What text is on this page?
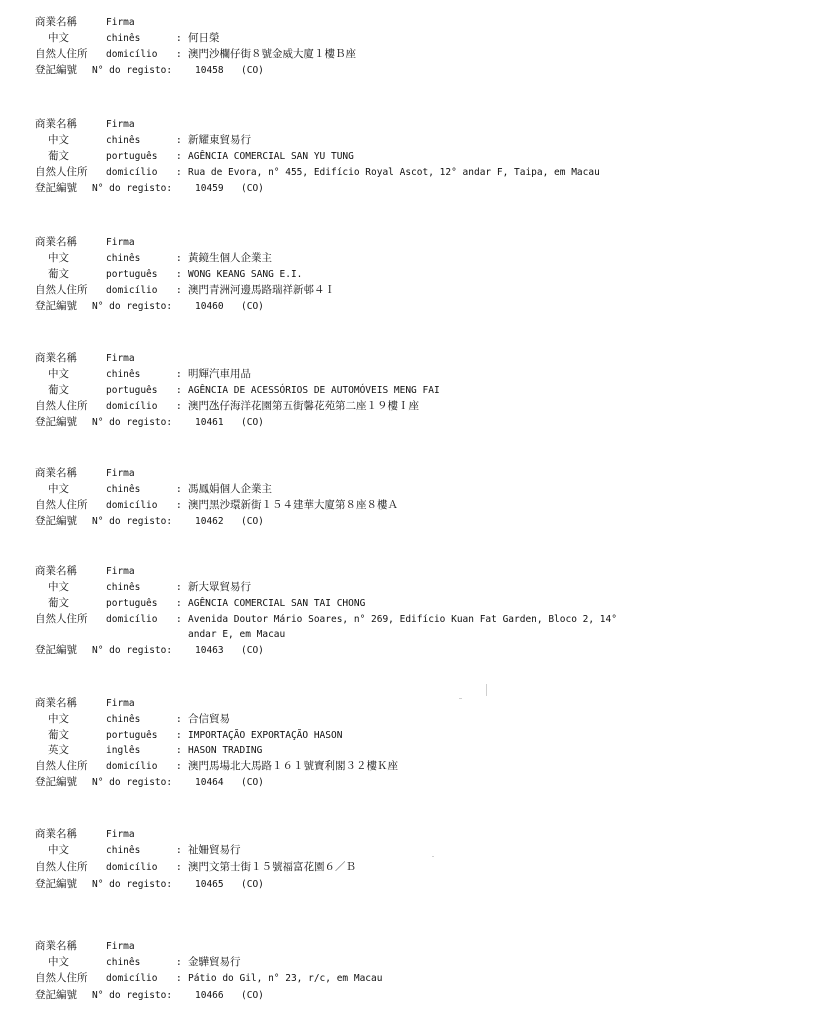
商業名稱	Firma
中文	chinês	: 何日榮
自然人住所 domicílio : 澳門沙欄仔街８號金威大廈１樓Ｂ座
登記編號 N° do registo: 10458 (CO)
商業名稱	Firma
中文	chinês	: 新耀東貿易行
葡文	português : AGÊNCIA COMERCIAL SAN YU TUNG
自然人住所 domicílio : Rua de Evora, n° 455, Edifício Royal Ascot, 12° andar F, Taipa, em Macau
登記編號 N° do registo: 10459 (CO)
商業名稱	Firma
中文	chinês	: 黃鏡生個人企業主
葡文	português : WONG KEANG SANG E.I.
自然人住所 domicílio : 澳門青洲河邊馬路瑞祥新邨４Ｉ
登記編號 N° do registo: 10460 (CO)
商業名稱	Firma
中文	chinês	: 明輝汽車用品
葡文	português : AGÊNCIA DE ACESSÓRIOS DE AUTOMÓVEIS MENG FAI
自然人住所 domicílio : 澳門氹仔海洋花園第五街馨花苑第二座１９樓Ｉ座
登記編號 N° do registo: 10461 (CO)
商業名稱	Firma
中文	chinês	: 馮鳳娟個人企業主
自然人住所 domicílio : 澳門黑沙環新街１５４建華大廈第８座８樓Ａ
登記編號 N° do registo: 10462 (CO)
商業名稱	Firma
中文	chinês	: 新大眾貿易行
葡文	português : AGÊNCIA COMERCIAL SAN TAI CHONG
自然人住所 domicílio : Avenida Doutor Mário Soares, n° 269, Edifício Kuan Fat Garden, Bloco 2, 14°
andar E, em Macau
登記編號 N° do registo: 10463 (CO)
商業名稱	Firma
中文	chinês	: 合信貿易
葡文	português : IMPORTAÇÃO EXPORTAÇÃO HASON
英文	inglês	: HASON TRADING
自然人住所 domicílio : 澳門馬場北大馬路１６１號寶利閣３２樓Ｋ座
登記編號 N° do registo: 10464 (CO)
商業名稱	Firma
中文	chinês	: 祉姍貿易行
自然人住所 domicílio : 澳門文第士街１５號福富花園６／Ｂ
登記編號 N° do registo: 10465 (CO)
商業名稱	Firma
中文	chinês	: 金驊貿易行
自然人住所 domicílio : Pátio do Gil, n° 23, r/c, em Macau
登記編號 N° do registo: 10466 (CO)
